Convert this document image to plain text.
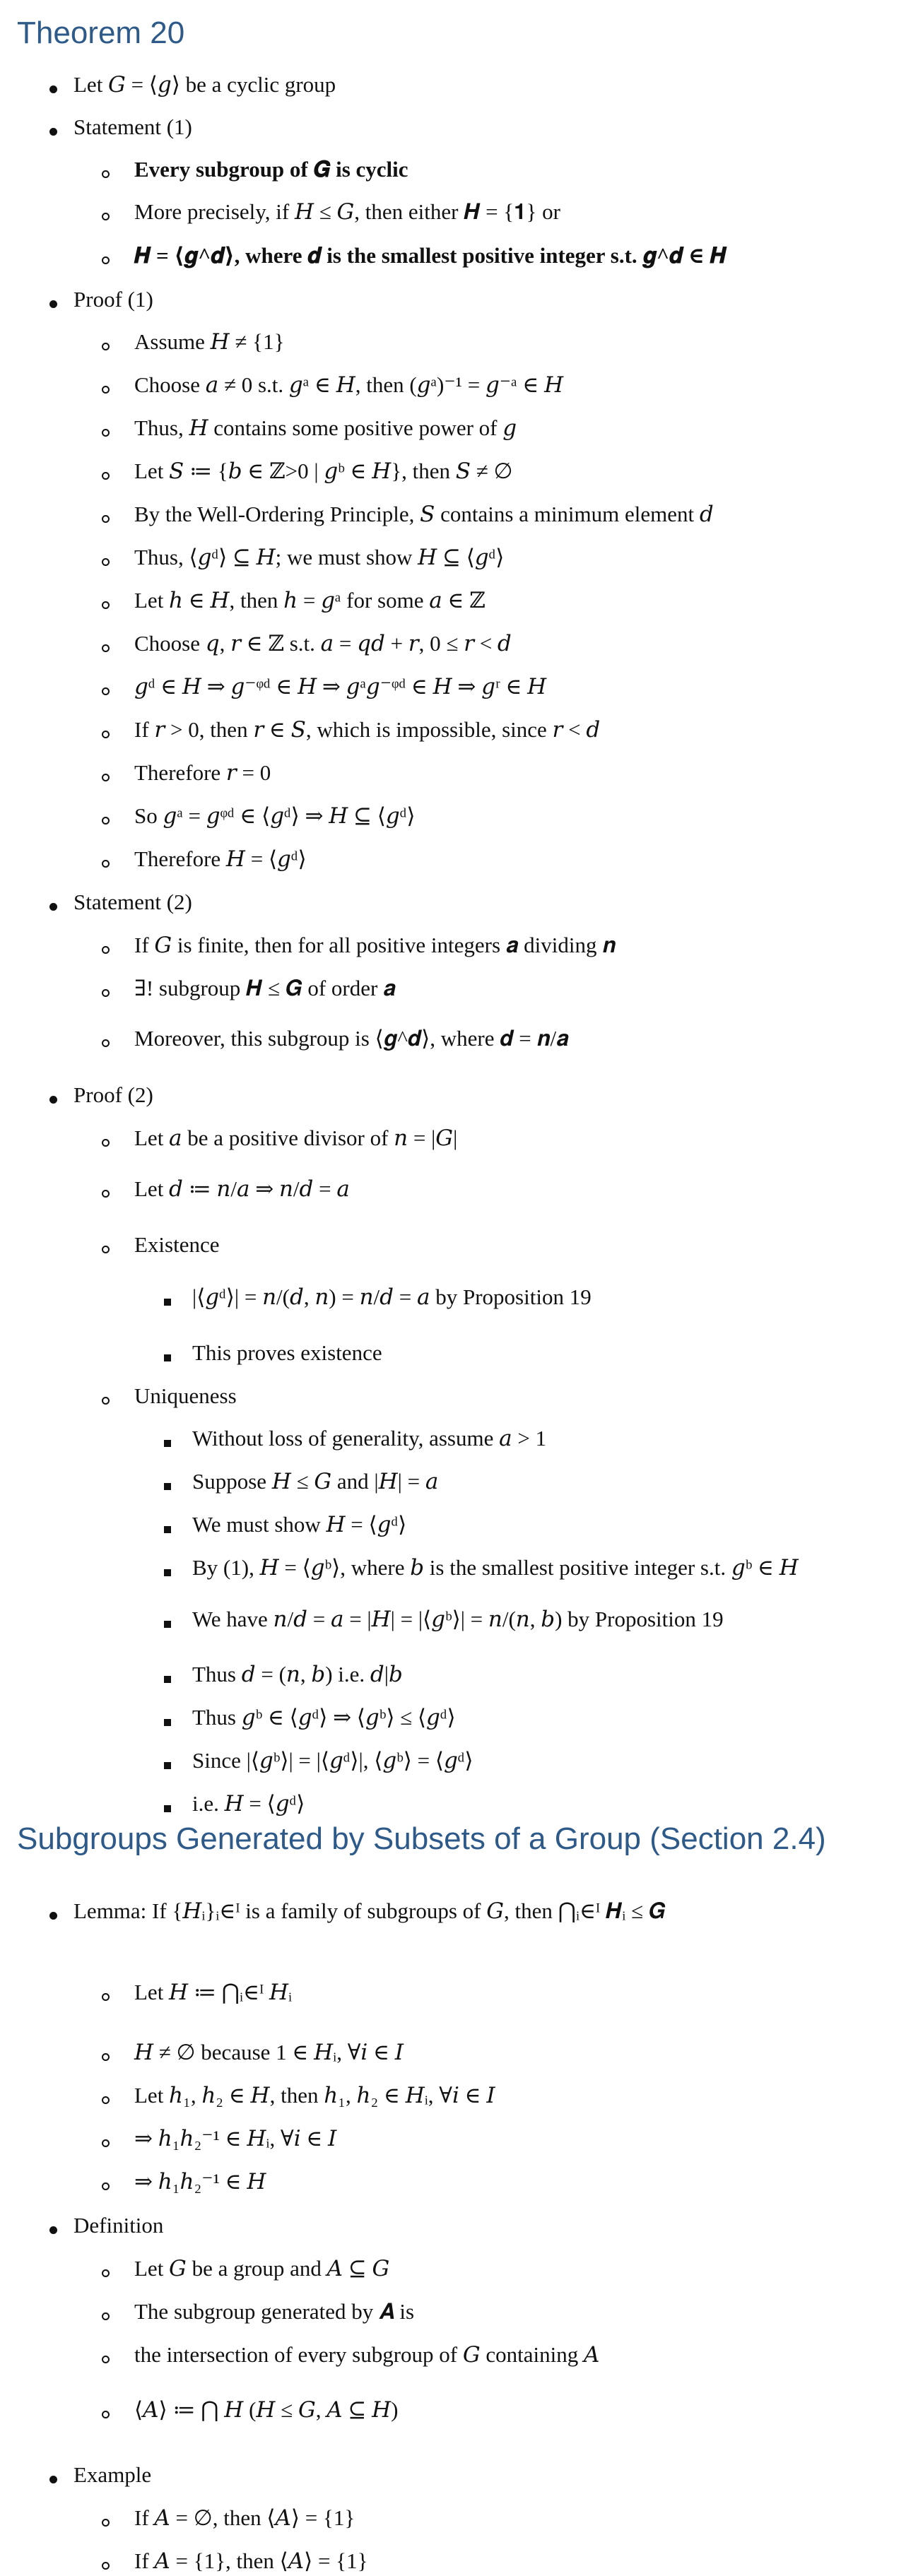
Theorem 20
Subgroups Generated by Subsets of a Group (Section 2.4)
Let 𝐺 = ⟨𝑔⟩ be a cyclic group
Statement (1)
Every subgroup of 𝑮 is cyclic
More precisely, if 𝐻 ≤ 𝐺, then either 𝑯 = {𝟏} or
𝑯 = ⟨𝒈^𝒅⟩, where 𝒅 is the smallest positive integer s.t. 𝒈^𝒅 ∈ 𝑯
Proof (1)
Assume 𝐻 ≠ {1}
Choose 𝑎 ≠ 0 s.t. 𝑔ᵃ ∈ 𝐻, then (𝑔ᵃ)⁻¹ = 𝑔⁻ᵃ ∈ 𝐻
Thus, 𝐻 contains some positive power of 𝑔
Let 𝑆 ≔ {𝑏 ∈ ℤ>0 | 𝑔ᵇ ∈ 𝐻}, then 𝑆 ≠ ∅
By the Well-Ordering Principle, 𝑆 contains a minimum element 𝑑
Thus, ⟨𝑔ᵈ⟩ ⊆ 𝐻; we must show 𝐻 ⊆ ⟨𝑔ᵈ⟩
Let ℎ ∈ 𝐻, then ℎ = 𝑔ᵃ for some 𝑎 ∈ ℤ
Choose 𝑞, 𝑟 ∈ ℤ s.t. 𝑎 = 𝑞𝑑 + 𝑟, 0 ≤ 𝑟 < 𝑑
𝑔ᵈ ∈ 𝐻 ⇒ 𝑔⁻ᵠᵈ ∈ 𝐻 ⇒ 𝑔ᵃ𝑔⁻ᵠᵈ ∈ 𝐻 ⇒ 𝑔ʳ ∈ 𝐻
If 𝑟 > 0, then 𝑟 ∈ 𝑆, which is impossible, since 𝑟 < 𝑑
Therefore 𝑟 = 0
So 𝑔ᵃ = 𝑔ᵠᵈ ∈ ⟨𝑔ᵈ⟩ ⇒ 𝐻 ⊆ ⟨𝑔ᵈ⟩
Therefore 𝐻 = ⟨𝑔ᵈ⟩
Statement (2)
If 𝐺 is finite, then for all positive integers 𝒂 dividing 𝒏
∃! subgroup 𝑯 ≤ 𝑮 of order 𝒂
Moreover, this subgroup is ⟨𝒈^𝒅⟩, where 𝒅 = 𝒏/𝒂
Proof (2)
Let 𝑎 be a positive divisor of 𝑛 = |𝐺|
Let 𝑑 ≔ 𝑛/𝑎 ⇒ 𝑛/𝑑 = 𝑎
Existence
|⟨𝑔ᵈ⟩| = 𝑛/(𝑑, 𝑛) = 𝑛/𝑑 = 𝑎 by Proposition 19
This proves existence
Uniqueness
Without loss of generality, assume 𝑎 > 1
Suppose 𝐻 ≤ 𝐺 and |𝐻| = 𝑎
We must show 𝐻 = ⟨𝑔ᵈ⟩
By (1), 𝐻 = ⟨𝑔ᵇ⟩, where 𝑏 is the smallest positive integer s.t. 𝑔ᵇ ∈ 𝐻
We have 𝑛/𝑑 = 𝑎 = |𝐻| = |⟨𝑔ᵇ⟩| = 𝑛/(𝑛, 𝑏) by Proposition 19
Thus 𝑑 = (𝑛, 𝑏) i.e. 𝑑|𝑏
Thus 𝑔ᵇ ∈ ⟨𝑔ᵈ⟩ ⇒ ⟨𝑔ᵇ⟩ ≤ ⟨𝑔ᵈ⟩
Since |⟨𝑔ᵇ⟩| = |⟨𝑔ᵈ⟩|, ⟨𝑔ᵇ⟩ = ⟨𝑔ᵈ⟩
i.e. 𝐻 = ⟨𝑔ᵈ⟩
Lemma: If {𝐻ᵢ}ᵢ∈ᴵ is a family of subgroups of 𝐺, then ⋂ᵢ∈ᴵ 𝑯ᵢ ≤ 𝑮
Let 𝐻 ≔ ⋂ᵢ∈ᴵ 𝐻ᵢ
𝐻 ≠ ∅ because 1 ∈ 𝐻ᵢ, ∀𝑖 ∈ 𝐼
Let ℎ₁, ℎ₂ ∈ 𝐻, then ℎ₁, ℎ₂ ∈ 𝐻ᵢ, ∀𝑖 ∈ 𝐼
⇒ ℎ₁ℎ₂⁻¹ ∈ 𝐻ᵢ, ∀𝑖 ∈ 𝐼
⇒ ℎ₁ℎ₂⁻¹ ∈ 𝐻
Definition
Let 𝐺 be a group and 𝐴 ⊆ 𝐺
The subgroup generated by 𝑨 is
the intersection of every subgroup of 𝐺 containing 𝐴
⟨𝐴⟩ ≔ ⋂ 𝐻 (𝐻 ≤ 𝐺, 𝐴 ⊆ 𝐻)
Example
If 𝐴 = ∅, then ⟨𝐴⟩ = {1}
If 𝐴 = {1}, then ⟨𝐴⟩ = {1}
